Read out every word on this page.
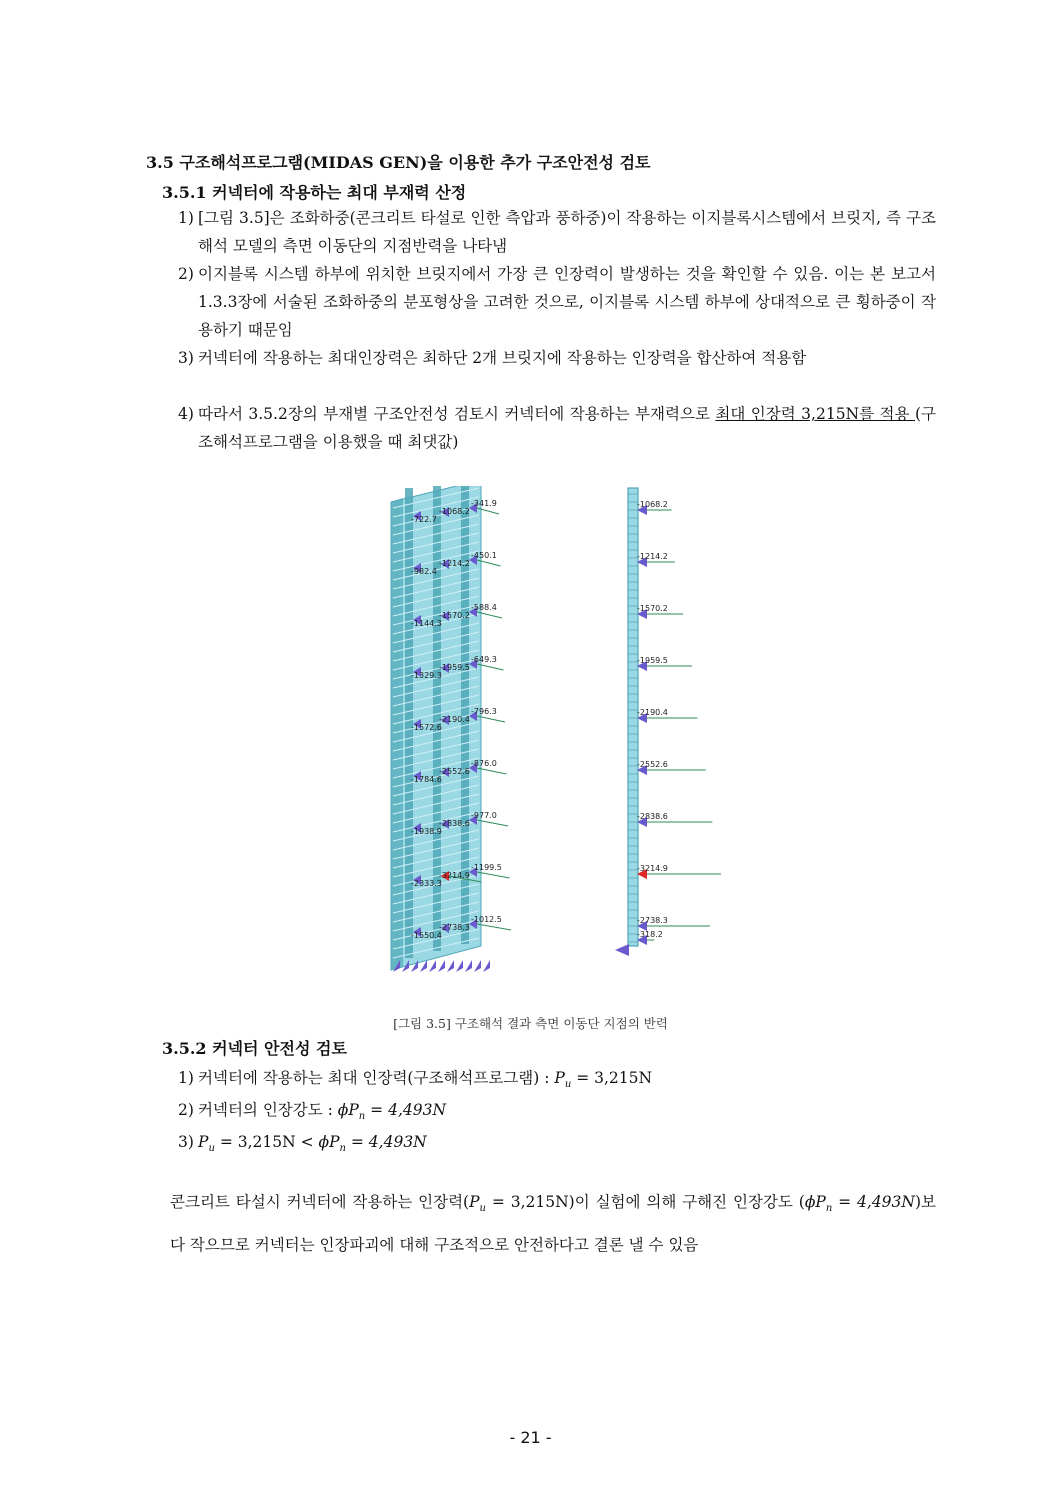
3.5 구조해석프로그램(MIDAS GEN)을 이용한 추가 구조안전성 검토
3.5.1 커넥터에 작용하는 최대 부재력 산정
1) [그림 3.5]은 조화하중(콘크리트 타설로 인한 측압과 풍하중)이 작용하는 이지블록시스템에서 브릿지, 즉 구조해석 모델의 측면 이동단의 지점반력을 나타냄
2) 이지블록 시스템 하부에 위치한 브릿지에서 가장 큰 인장력이 발생하는 것을 확인할 수 있음. 이는 본 보고서 1.3.3장에 서술된 조화하중의 분포형상을 고려한 것으로, 이지블록 시스템 하부에 상대적으로 큰 횡하중이 작용하기 때문임
3) 커넥터에 작용하는 최대인장력은 최하단 2개 브릿지에 작용하는 인장력을 합산하여 적용함
4) 따라서 3.5.2장의 부재별 구조안전성 검토시 커넥터에 작용하는 부재력으로 최대 인장력 3,215N를 적용 (구조해석프로그램을 이용했을 때 최댓값)
-722.7
-1068.2
-341.9
-982.4
-1214.2
-450.1
-1144.3
-1570.2
-588.4
-1329.3
-1959.5
-649.3
-1572.6
-2190.4
-796.3
-1784.6
-2552.6
-876.0
-1938.9
-2838.6
-977.0
-2333.3
-3214.9
-1199.5
-1550.4
-2738.3
-1012.5
-1068.2
-1214.2
-1570.2
-1959.5
-2190.4
-2552.6
-2838.6
-3214.9
-2738.3
-318.2
[그림 3.5] 구조해석 결과 측면 이동단 지점의 반력
3.5.2 커넥터 안전성 검토
1) 커넥터에 작용하는 최대 인장력(구조해석프로그램) : $P_u = 3,215N$
2) 커넥터의 인장강도 : $\phi P_n = 4,493N$
3) $P_u = 3,215N < \phi P_n = 4,493N$
콘크리트 타설시 커넥터에 작용하는 인장력$(P_u = 3,215N)$이 실험에 의해 구해진 인장강도 $(\phi P_n = 4,493N)$보다 작으므로 커넥터는 인장파괴에 대해 구조적으로 안전하다고 결론 낼 수 있음
- 21 -
